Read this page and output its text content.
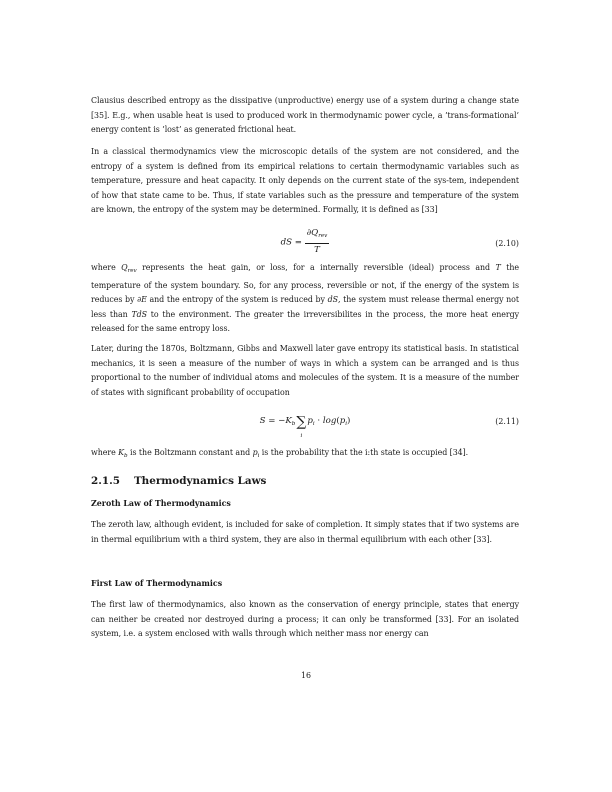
Clausius described entropy as the dissipative (unproductive) energy use of a system during a change state [35]. E.g., when usable heat is used to produced work in thermodynamic power cycle, a ’trans-formational’ energy content is ’lost’ as generated frictional heat.

In a classical thermodynamics view the microscopic details of the system are not considered, and the entropy of a system is defined from its empirical relations to certain thermodynamic variables such as temperature, pressure and heat capacity. It only depends on the current state of the sys-tem, independent of how that state came to be. Thus, if state variables such as the pressure and temperature of the system are known, the entropy of the system may be determined. Formally, it is defined as [33]

dS = $\frac{\partial Q_{rev}}{T}$	(2.10)

where $Q_{rev}$ represents the heat gain, or loss, for a internally reversible (ideal) process and T the temperature of the system boundary. So, for any process, reversible or not, if the energy of the system is reduces by ∂E and the entropy of the system is reduced by dS, the system must release thermal energy not less than TdS to the environment. The greater the irreversibilites in the process, the more heat energy released for the same entropy loss.

Later, during the 1870s, Boltzmann, Gibbs and Maxwell later gave entropy its statistical basis. In statistical mechanics, it is seen a measure of the number of ways in which a system can be arranged and is thus proportional to the number of individual atoms and molecules of the system. It is a measure of the number of states with significant probability of occupation

$S = -K_b\sum$
i
$p_i \cdot \log(p_i)$	(2.11)

where $K_b$ is the Boltzmann constant and $p_i$ is the probability that the i:th state is occupied [34].

2.1.5 Thermodynamics Laws
Zeroth Law of Thermodynamics

The zeroth law, although evident, is included for sake of completion. It simply states that if two systems are in thermal equilibrium with a third system, they are also in thermal equilibrium with each other [33].

First Law of Thermodynamics

The first law of thermodynamics, also known as the conservation of energy principle, states that energy can neither be created nor destroyed during a process; it can only be transformed [33]. For an isolated system, i.e. a system enclosed with walls through which neither mass nor energy can

16
